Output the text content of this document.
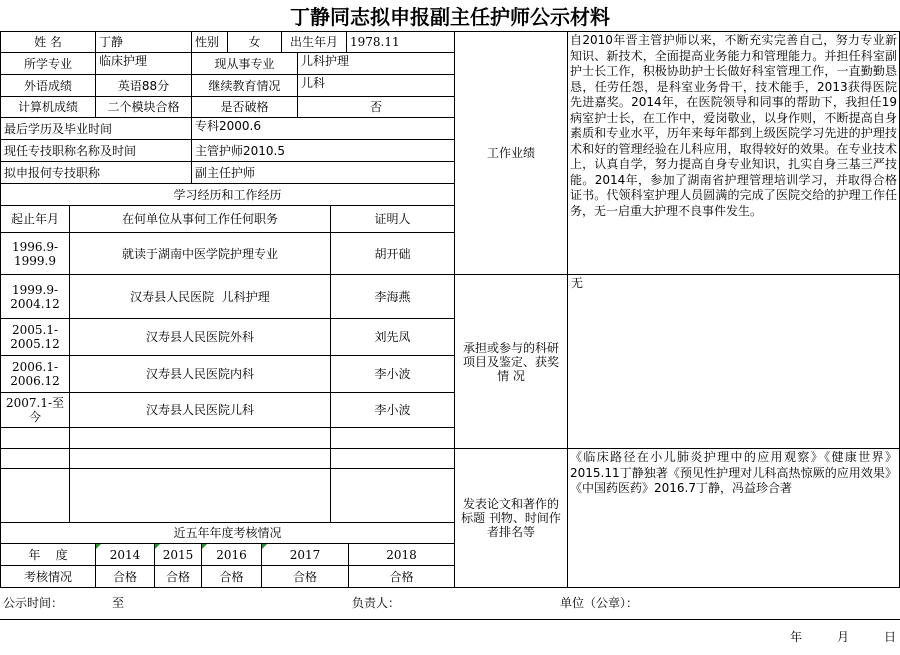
丁静同志拟申报副主任护师公示材料
姓 名	丁静	性别	女	出生年月	1978.11
所学专业	临床护理	现从事专业	儿科护理
外语成绩	英语88分	继续教育情况	儿科
计算机成绩	二个模块合格	是否破格	否
最后学历及毕业时间	专科2000.6
现任专技职称名称及时间	主管护师2010.5
拟申报何专技职称	副主任护师
学习经历和工作经历
起止年月	在何单位从事何工作任何职务	证明人
1996.9-1999.9	就读于湖南中医学院护理专业	胡开础
1999.9-2004.12	汉寿县人民医院  儿科护理	李海燕
2005.1-2005.12	汉寿县人民医院外科	刘先凤
2006.1-2006.12	汉寿县人民医院内科	李小波
2007.1-至今	汉寿县人民医院儿科	李小波
近五年年度考核情况
年    度	2014	2015	2016	2017	2018
考核情况	合格	合格	合格	合格	合格
工作业绩
自2010年晋主管护师以来，不断充实完善自己，努力专业新知识、新技术，全面提高业务能力和管理能力。并担任科室副护士长工作，积极协助护士长做好科室管理工作，一直勤勤恳恳，任劳任怨，是科室业务骨干，技术能手，2013获得医院先进嘉奖。2014年，在医院领导和同事的帮助下，我担任19病室护士长，在工作中，爱岗敬业，以身作则，不断提高自身素质和专业水平，历年来每年都到上级医院学习先进的护理技术和好的管理经验在儿科应用，取得较好的效果。在专业技术上，认真自学，努力提高自身专业知识，扎实自身三基三严技能。2014年，参加了湖南省护理管理培训学习，并取得合格证书。代领科室护理人员圆满的完成了医院交给的护理工作任务，无一启重大护理不良事件发生。
承担或参与的科研项目及鉴定、获奖 情 况
无
发表论文和著作的标题 刊物、时间作者排名等
《临床路径在小儿肺炎护理中的应用观察》《健康世界》2015.11丁静独著《预见性护理对儿科高热惊厥的应用效果》《中国药医药》2016.7丁静，冯益珍合著
公示时间：	至	负责人：	单位（公章）：
年	月	日
